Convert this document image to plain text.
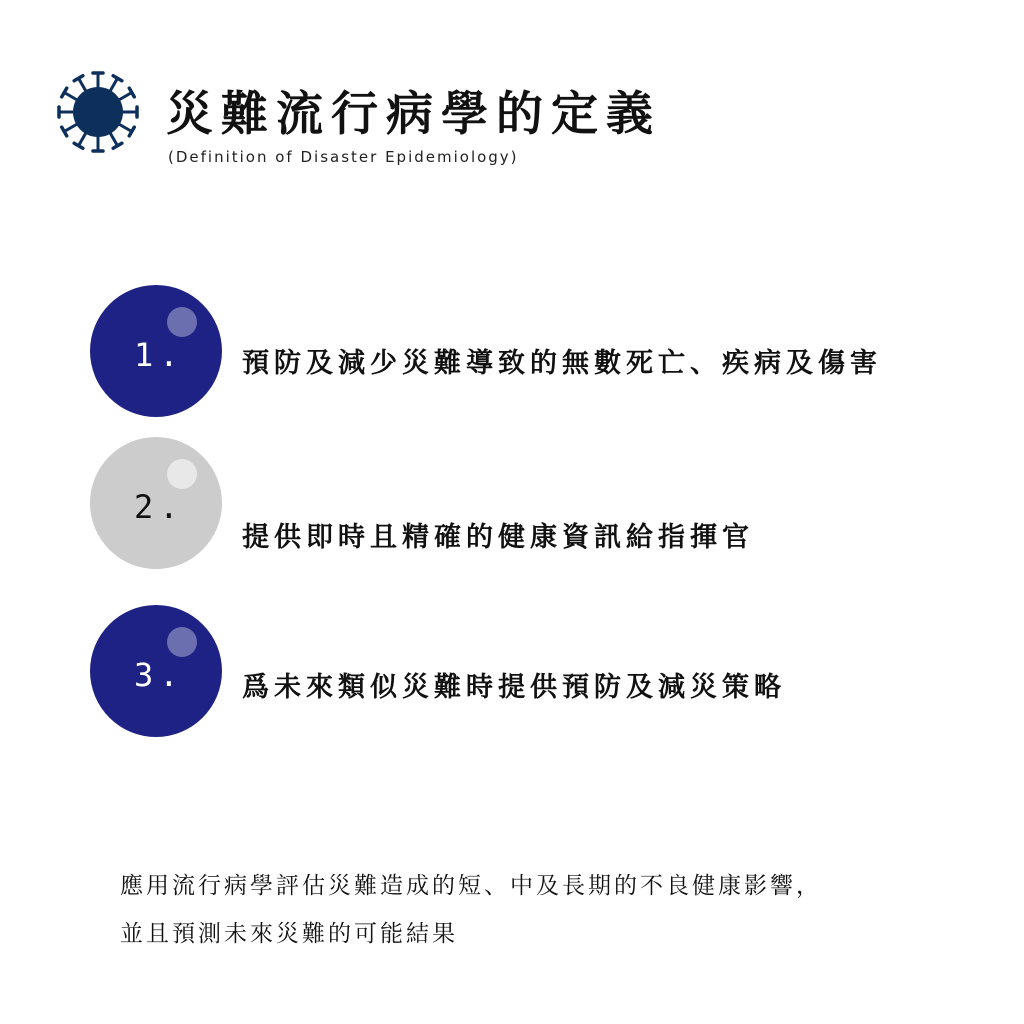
災難流行病學的定義
(Definition of Disaster Epidemiology)
1. 預防及減少災難導致的無數死亡、疾病及傷害
2.
提供即時且精確的健康資訊給指揮官
3. 爲未來類似災難時提供預防及減災策略
應用流行病學評估災難造成的短、中及長期的不良健康影響，
並且預測未來災難的可能結果
